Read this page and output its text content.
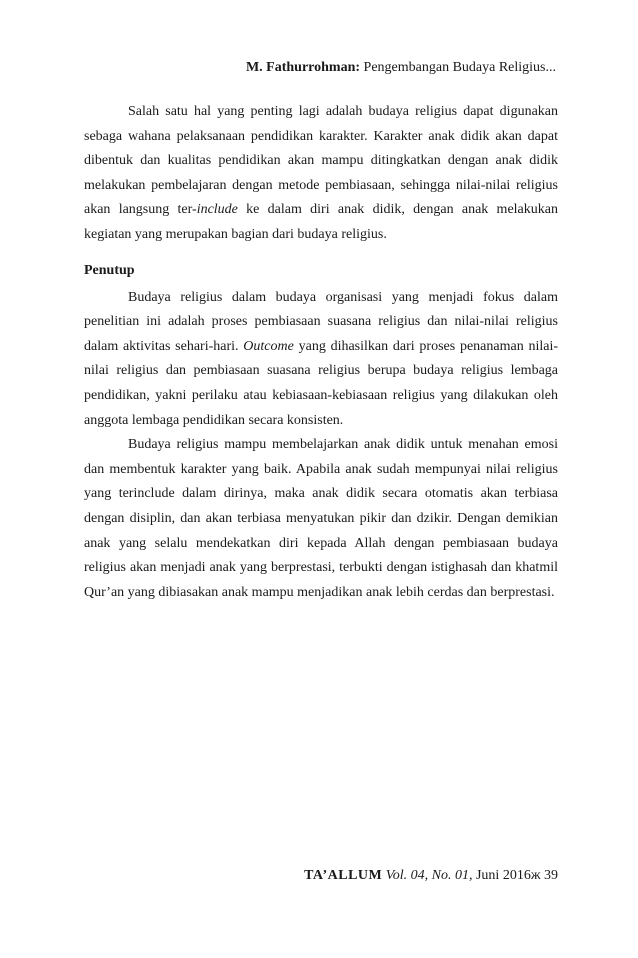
M. Fathurrohman: Pengembangan Budaya Religius...

Salah satu hal yang penting lagi adalah budaya religius dapat digunakan sebaga wahana pelaksanaan pendidikan karakter. Karakter anak didik akan dapat dibentuk dan kualitas pendidikan akan mampu ditingkatkan dengan anak didik melakukan pembelajaran dengan metode pembiasaan, sehingga nilai-nilai religius akan langsung ter-include ke dalam diri anak didik, dengan anak melakukan kegiatan yang merupakan bagian dari budaya religius.

Penutup

Budaya religius dalam budaya organisasi yang menjadi fokus dalam penelitian ini adalah proses pembiasaan suasana religius dan nilai-nilai religius dalam aktivitas sehari-hari. Outcome yang dihasilkan dari proses penanaman nilai-nilai religius dan pembiasaan suasana religius berupa budaya religius lembaga pendidikan, yakni perilaku atau kebiasaan-kebiasaan religius yang dilakukan oleh anggota lembaga pendidikan secara konsisten.

Budaya religius mampu membelajarkan anak didik untuk menahan emosi dan membentuk karakter yang baik. Apabila anak sudah mempunyai nilai religius yang terinclude dalam dirinya, maka anak didik secara otomatis akan terbiasa dengan disiplin, dan akan terbiasa menyatukan pikir dan dzikir. Dengan demikian anak yang selalu mendekatkan diri kepada Allah dengan pembiasaan budaya religius akan menjadi anak yang berprestasi, terbukti dengan istighasah dan khatmil Qur’an yang dibiasakan anak mampu menjadikan anak lebih cerdas dan berprestasi.

TA’ALLUM Vol. 04, No. 01, Juni 2016ж 39
